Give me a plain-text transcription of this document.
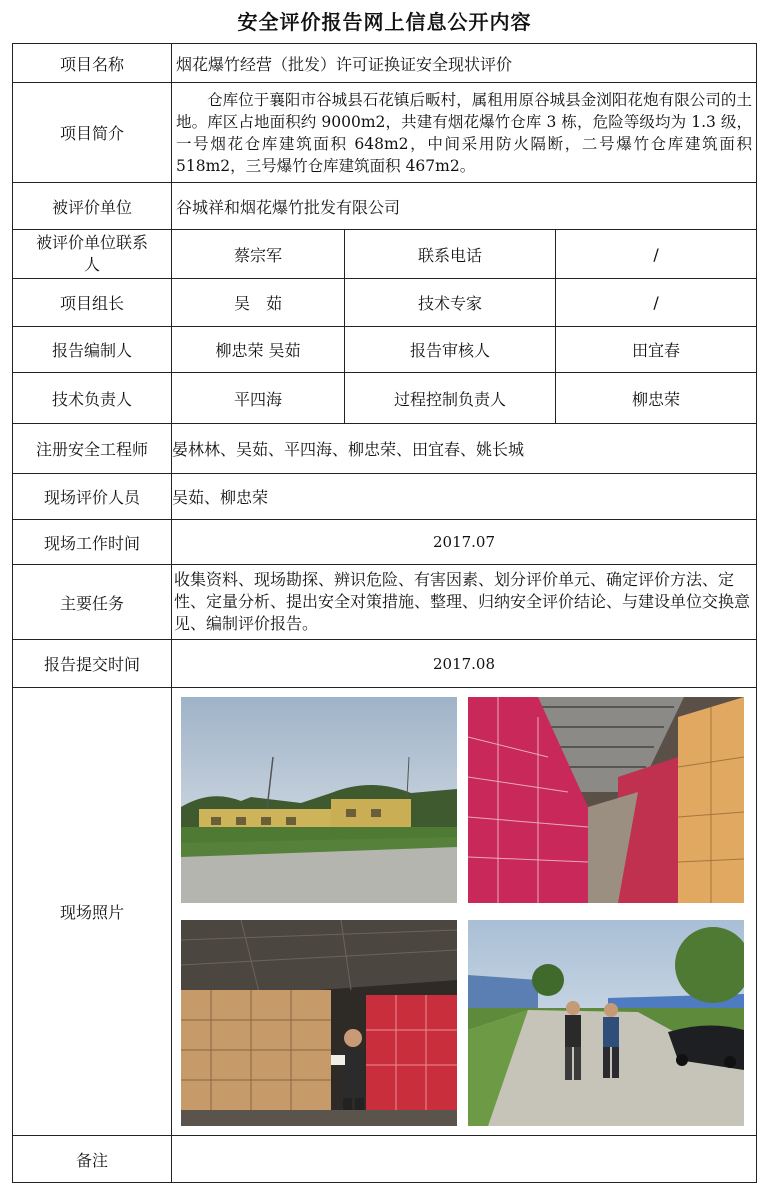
安全评价报告网上信息公开内容
项目名称	烟花爆竹经营（批发）许可证换证安全现状评价		
项目简介	仓库位于襄阳市谷城县石花镇后畈村，属租用原谷城县金浏阳花炮有限公司的土地。库区占地面积约 9000m2，共建有烟花爆竹仓库 3 栋，危险等级均为 1.3 级，一号烟花仓库建筑面积 648m2，中间采用防火隔断，二号爆竹仓库建筑面积 518m2，三号爆竹仓库建筑面积 467m2。		
被评价单位	谷城祥和烟花爆竹批发有限公司		
被评价单位联系人	蔡宗军	联系电话	/
项目组长	吴　茹	技术专家	/
报告编制人	柳忠荣 吴茹	报告审核人	田宜春
技术负责人	平四海	过程控制负责人	柳忠荣
注册安全工程师	晏林林、吴茹、平四海、柳忠荣、田宜春、姚长城		
现场评价人员	吴茹、柳忠荣		
现场工作时间	2017.07		
主要任务	收集资料、现场勘探、辨识危险、有害因素、划分评价单元、确定评价方法、定性、定量分析、提出安全对策措施、整理、归纳安全评价结论、与建设单位交换意见、编制评价报告。		
报告提交时间	2017.08		
现场照片	

备注			
